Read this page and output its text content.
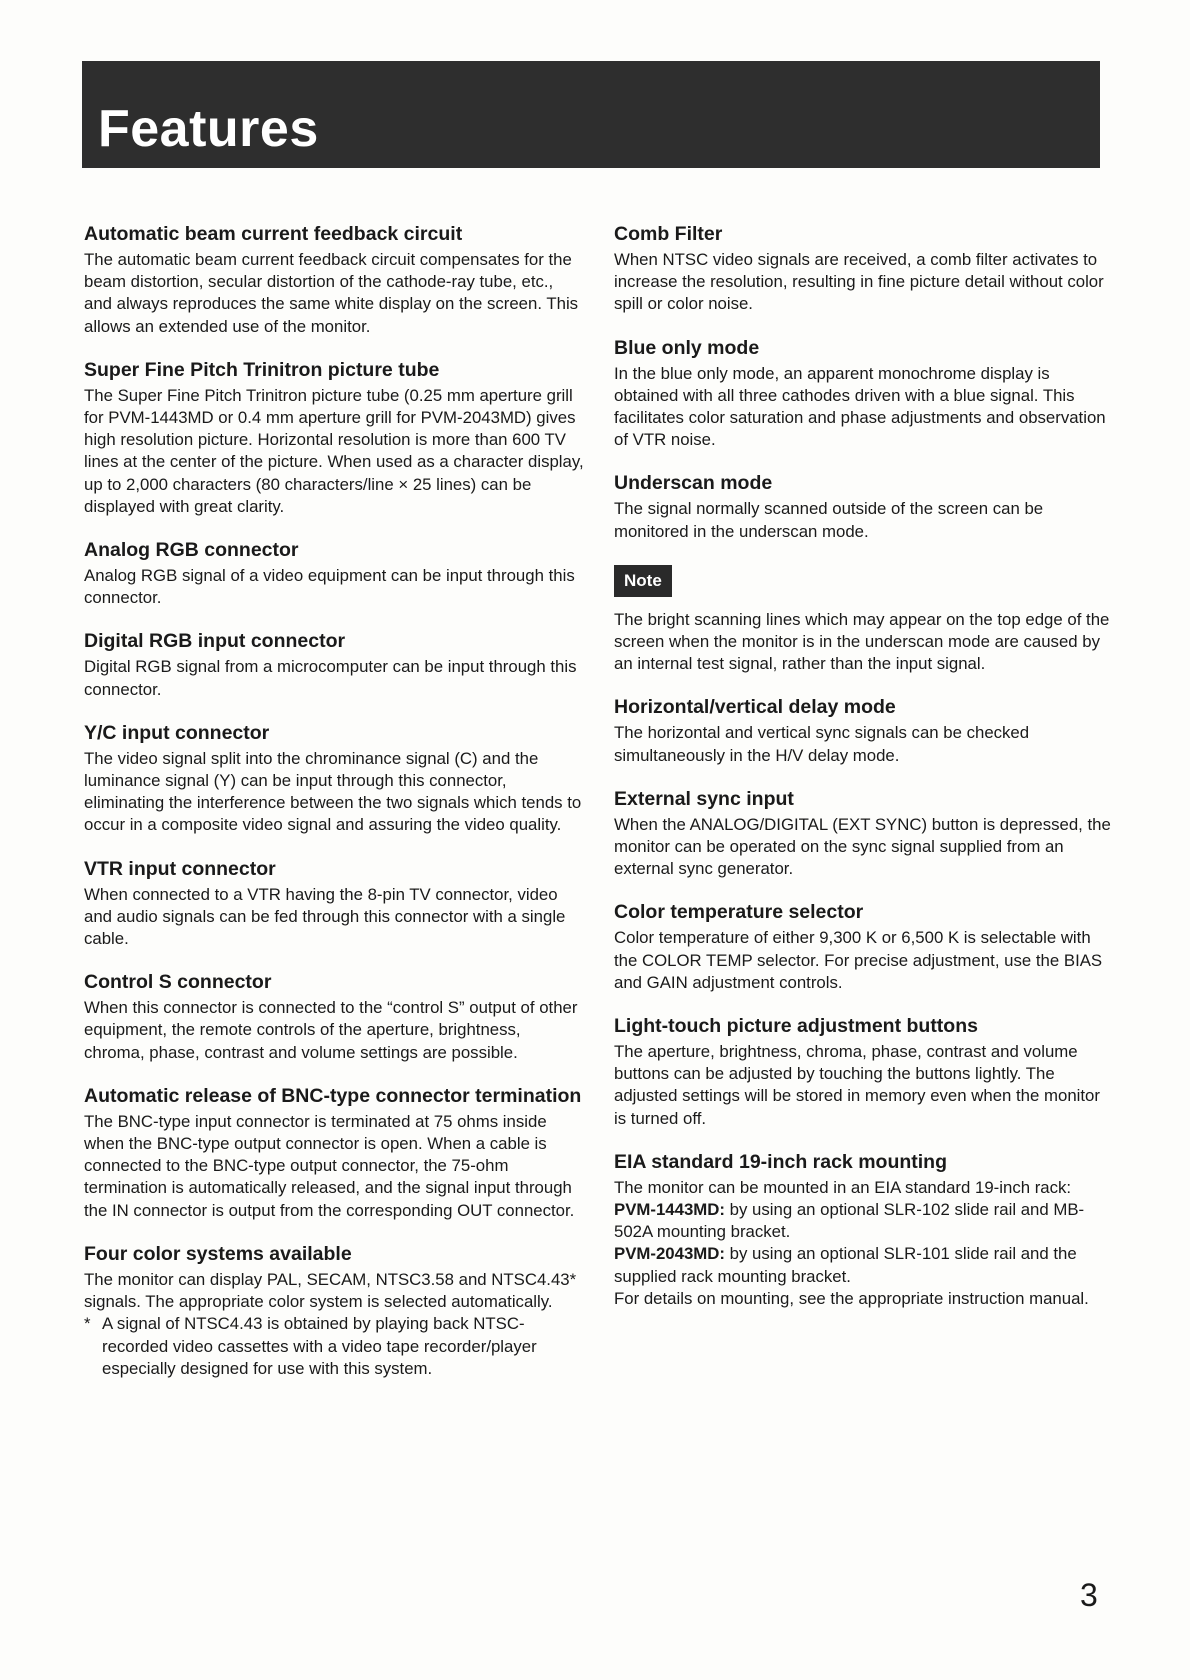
Features
Automatic beam current feedback circuit

The automatic beam current feedback circuit compensates for the beam distortion, secular distortion of the cathode-ray tube, etc., and always reproduces the same white display on the screen. This allows an extended use of the monitor.

Super Fine Pitch Trinitron picture tube

The Super Fine Pitch Trinitron picture tube (0.25 mm aperture grill for PVM-1443MD or 0.4 mm aperture grill for PVM-2043MD) gives high resolution picture. Horizontal resolution is more than 600 TV lines at the center of the picture. When used as a character display, up to 2,000 characters (80 characters/line × 25 lines) can be displayed with great clarity.

Analog RGB connector

Analog RGB signal of a video equipment can be input through this connector.

Digital RGB input connector

Digital RGB signal from a microcomputer can be input through this connector.

Y/C input connector

The video signal split into the chrominance signal (C) and the luminance signal (Y) can be input through this connector, eliminating the interference between the two signals which tends to occur in a composite video signal and assuring the video quality.

VTR input connector

When connected to a VTR having the 8-pin TV connector, video and audio signals can be fed through this connector with a single cable.

Control S connector

When this connector is connected to the “control S” output of other equipment, the remote controls of the aperture, brightness, chroma, phase, contrast and volume settings are possible.

Automatic release of BNC-type connector termination

The BNC-type input connector is terminated at 75 ohms inside when the BNC-type output connector is open. When a cable is connected to the BNC-type output connector, the 75-ohm termination is automatically released, and the signal input through the IN connector is output from the corresponding OUT connector.

Four color systems available

The monitor can display PAL, SECAM, NTSC3.58 and NTSC4.43* signals. The appropriate color system is selected automatically.

* A signal of NTSC4.43 is obtained by playing back NTSC-recorded video cassettes with a video tape recorder/player especially designed for use with this system.
Comb Filter

When NTSC video signals are received, a comb filter activates to increase the resolution, resulting in fine picture detail without color spill or color noise.

Blue only mode

In the blue only mode, an apparent monochrome display is obtained with all three cathodes driven with a blue signal. This facilitates color saturation and phase adjustments and observation of VTR noise.

Underscan mode

The signal normally scanned outside of the screen can be monitored in the underscan mode.

Note

The bright scanning lines which may appear on the top edge of the screen when the monitor is in the underscan mode are caused by an internal test signal, rather than the input signal.

Horizontal/vertical delay mode

The horizontal and vertical sync signals can be checked simultaneously in the H/V delay mode.

External sync input

When the ANALOG/DIGITAL (EXT SYNC) button is depressed, the monitor can be operated on the sync signal supplied from an external sync generator.

Color temperature selector

Color temperature of either 9,300 K or 6,500 K is selectable with the COLOR TEMP selector. For precise adjustment, use the BIAS and GAIN adjustment controls.

Light-touch picture adjustment buttons

The aperture, brightness, chroma, phase, contrast and volume buttons can be adjusted by touching the buttons lightly. The adjusted settings will be stored in memory even when the monitor is turned off.

EIA standard 19-inch rack mounting
The monitor can be mounted in an EIA standard 19-inch rack:
PVM-1443MD: by using an optional SLR-102 slide rail and MB-502A mounting bracket.
PVM-2043MD: by using an optional SLR-101 slide rail and the supplied rack mounting bracket.
For details on mounting, see the appropriate instruction manual.
3
